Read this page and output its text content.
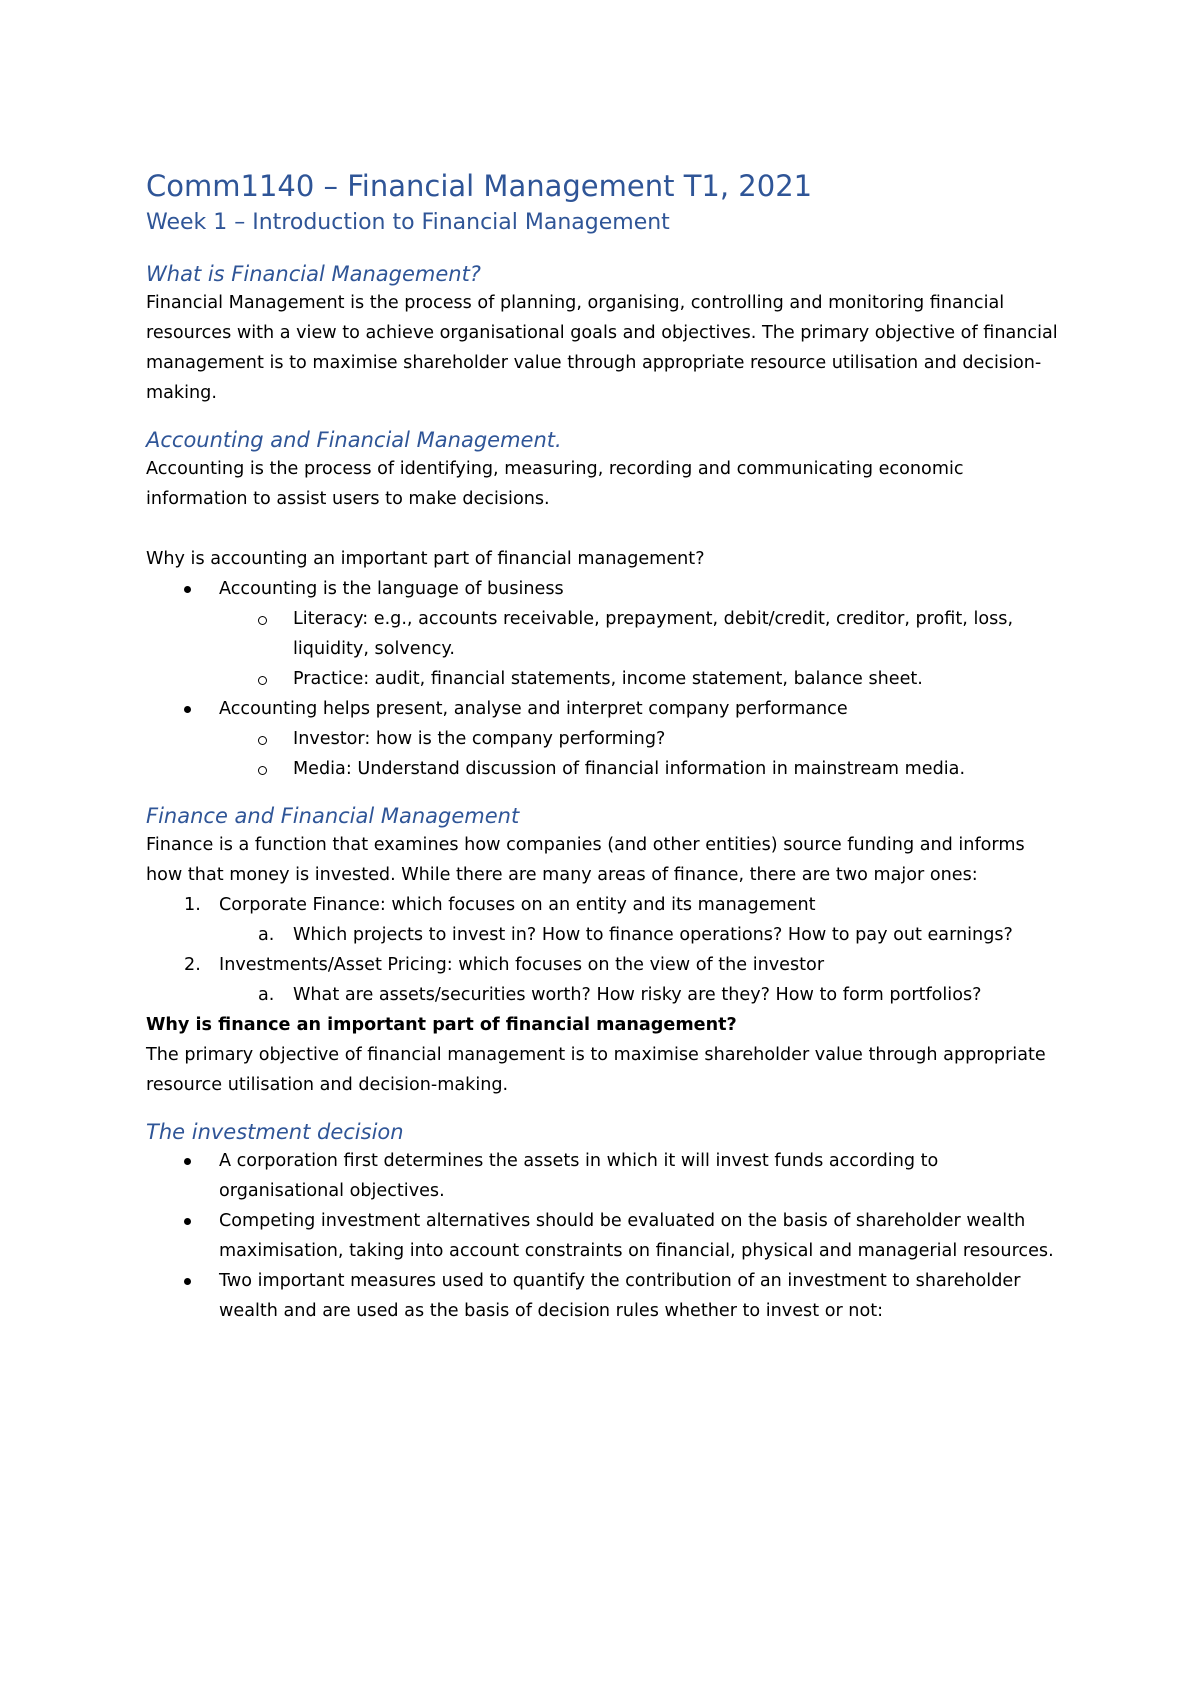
Comm1140 – Financial Management T1, 2021
Week 1 – Introduction to Financial Management
What is Financial Management?

Financial Management is the process of planning, organising, controlling and monitoring financial resources with a view to achieve organisational goals and objectives. The primary objective of financial management is to maximise shareholder value through appropriate resource utilisation and decision-making.

Accounting and Financial Management.

Accounting is the process of identifying, measuring, recording and communicating economic information to assist users to make decisions.

Why is accounting an important part of financial management?

Accounting is the language of business
Literacy: e.g., accounts receivable, prepayment, debit/credit, creditor, profit, loss, liquidity, solvency.
Practice: audit, financial statements, income statement, balance sheet.
Accounting helps present, analyse and interpret company performance
Investor: how is the company performing?
Media: Understand discussion of financial information in mainstream media.
Finance and Financial Management

Finance is a function that examines how companies (and other entities) source funding and informs how that money is invested. While there are many areas of finance, there are two major ones:

1.	Corporate Finance: which focuses on an entity and its management
a.	Which projects to invest in? How to finance operations? How to pay out earnings?
2.	Investments/Asset Pricing: which focuses on the view of the investor
a.	What are assets/securities worth? How risky are they? How to form portfolios?

Why is finance an important part of financial management?

The primary objective of financial management is to maximise shareholder value through appropriate resource utilisation and decision-making.

The investment decision
A corporation first determines the assets in which it will invest funds according to organisational objectives.
Competing investment alternatives should be evaluated on the basis of shareholder wealth maximisation, taking into account constraints on financial, physical and managerial resources.
Two important measures used to quantify the contribution of an investment to shareholder wealth and are used as the basis of decision rules whether to invest or not:
